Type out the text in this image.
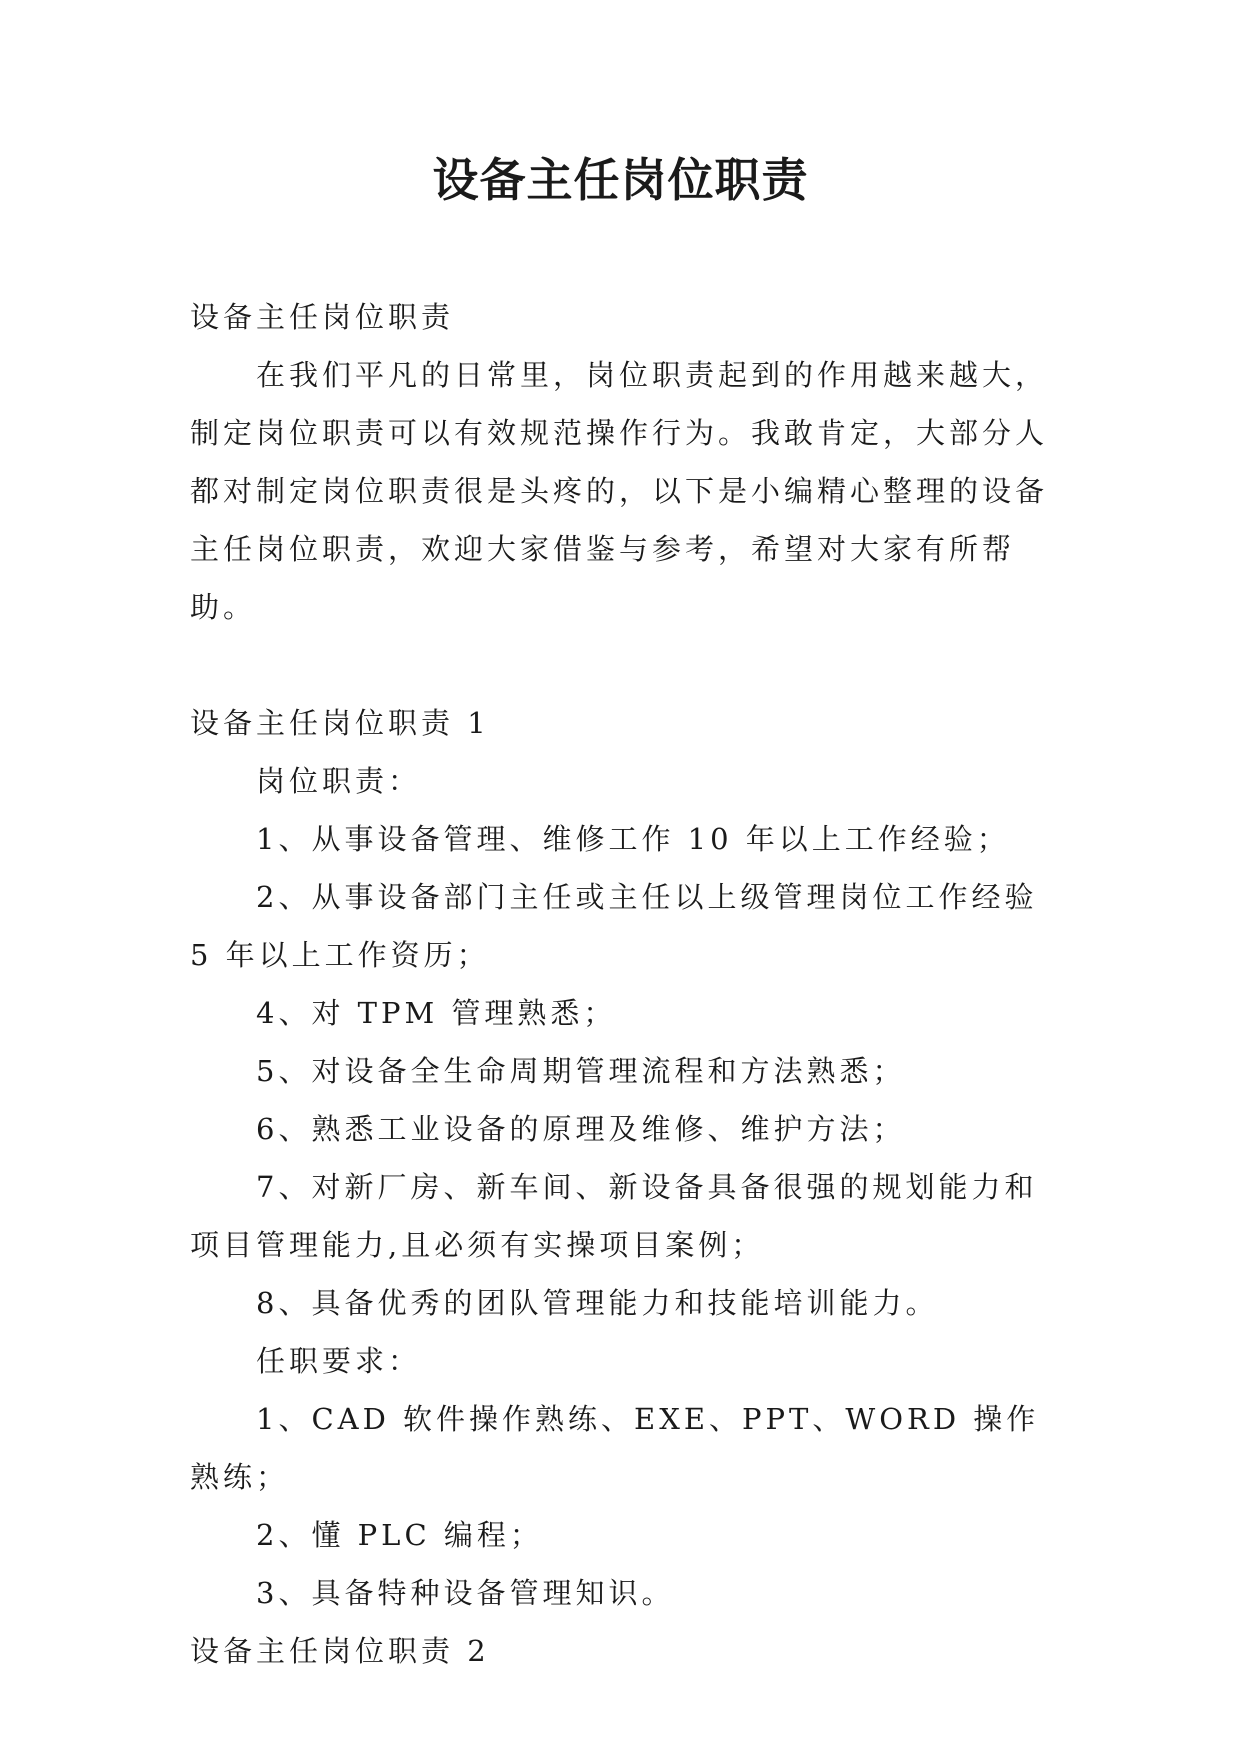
设备主任岗位职责

设备主任岗位职责

在我们平凡的日常里，岗位职责起到的作用越来越大，制定岗位职责可以有效规范操作行为。我敢肯定，大部分人都对制定岗位职责很是头疼的，以下是小编精心整理的设备主任岗位职责，欢迎大家借鉴与参考，希望对大家有所帮助。

设备主任岗位职责 1

岗位职责：

1、从事设备管理、维修工作 10 年以上工作经验；

2、从事设备部门主任或主任以上级管理岗位工作经验 5 年以上工作资历；

4、对 TPM 管理熟悉；

5、对设备全生命周期管理流程和方法熟悉；

6、熟悉工业设备的原理及维修、维护方法；

7、对新厂房、新车间、新设备具备很强的规划能力和项目管理能力,且必须有实操项目案例；

8、具备优秀的团队管理能力和技能培训能力。

任职要求：

1、CAD 软件操作熟练、EXE、PPT、WORD 操作熟练；

2、懂 PLC 编程；

3、具备特种设备管理知识。

设备主任岗位职责 2
